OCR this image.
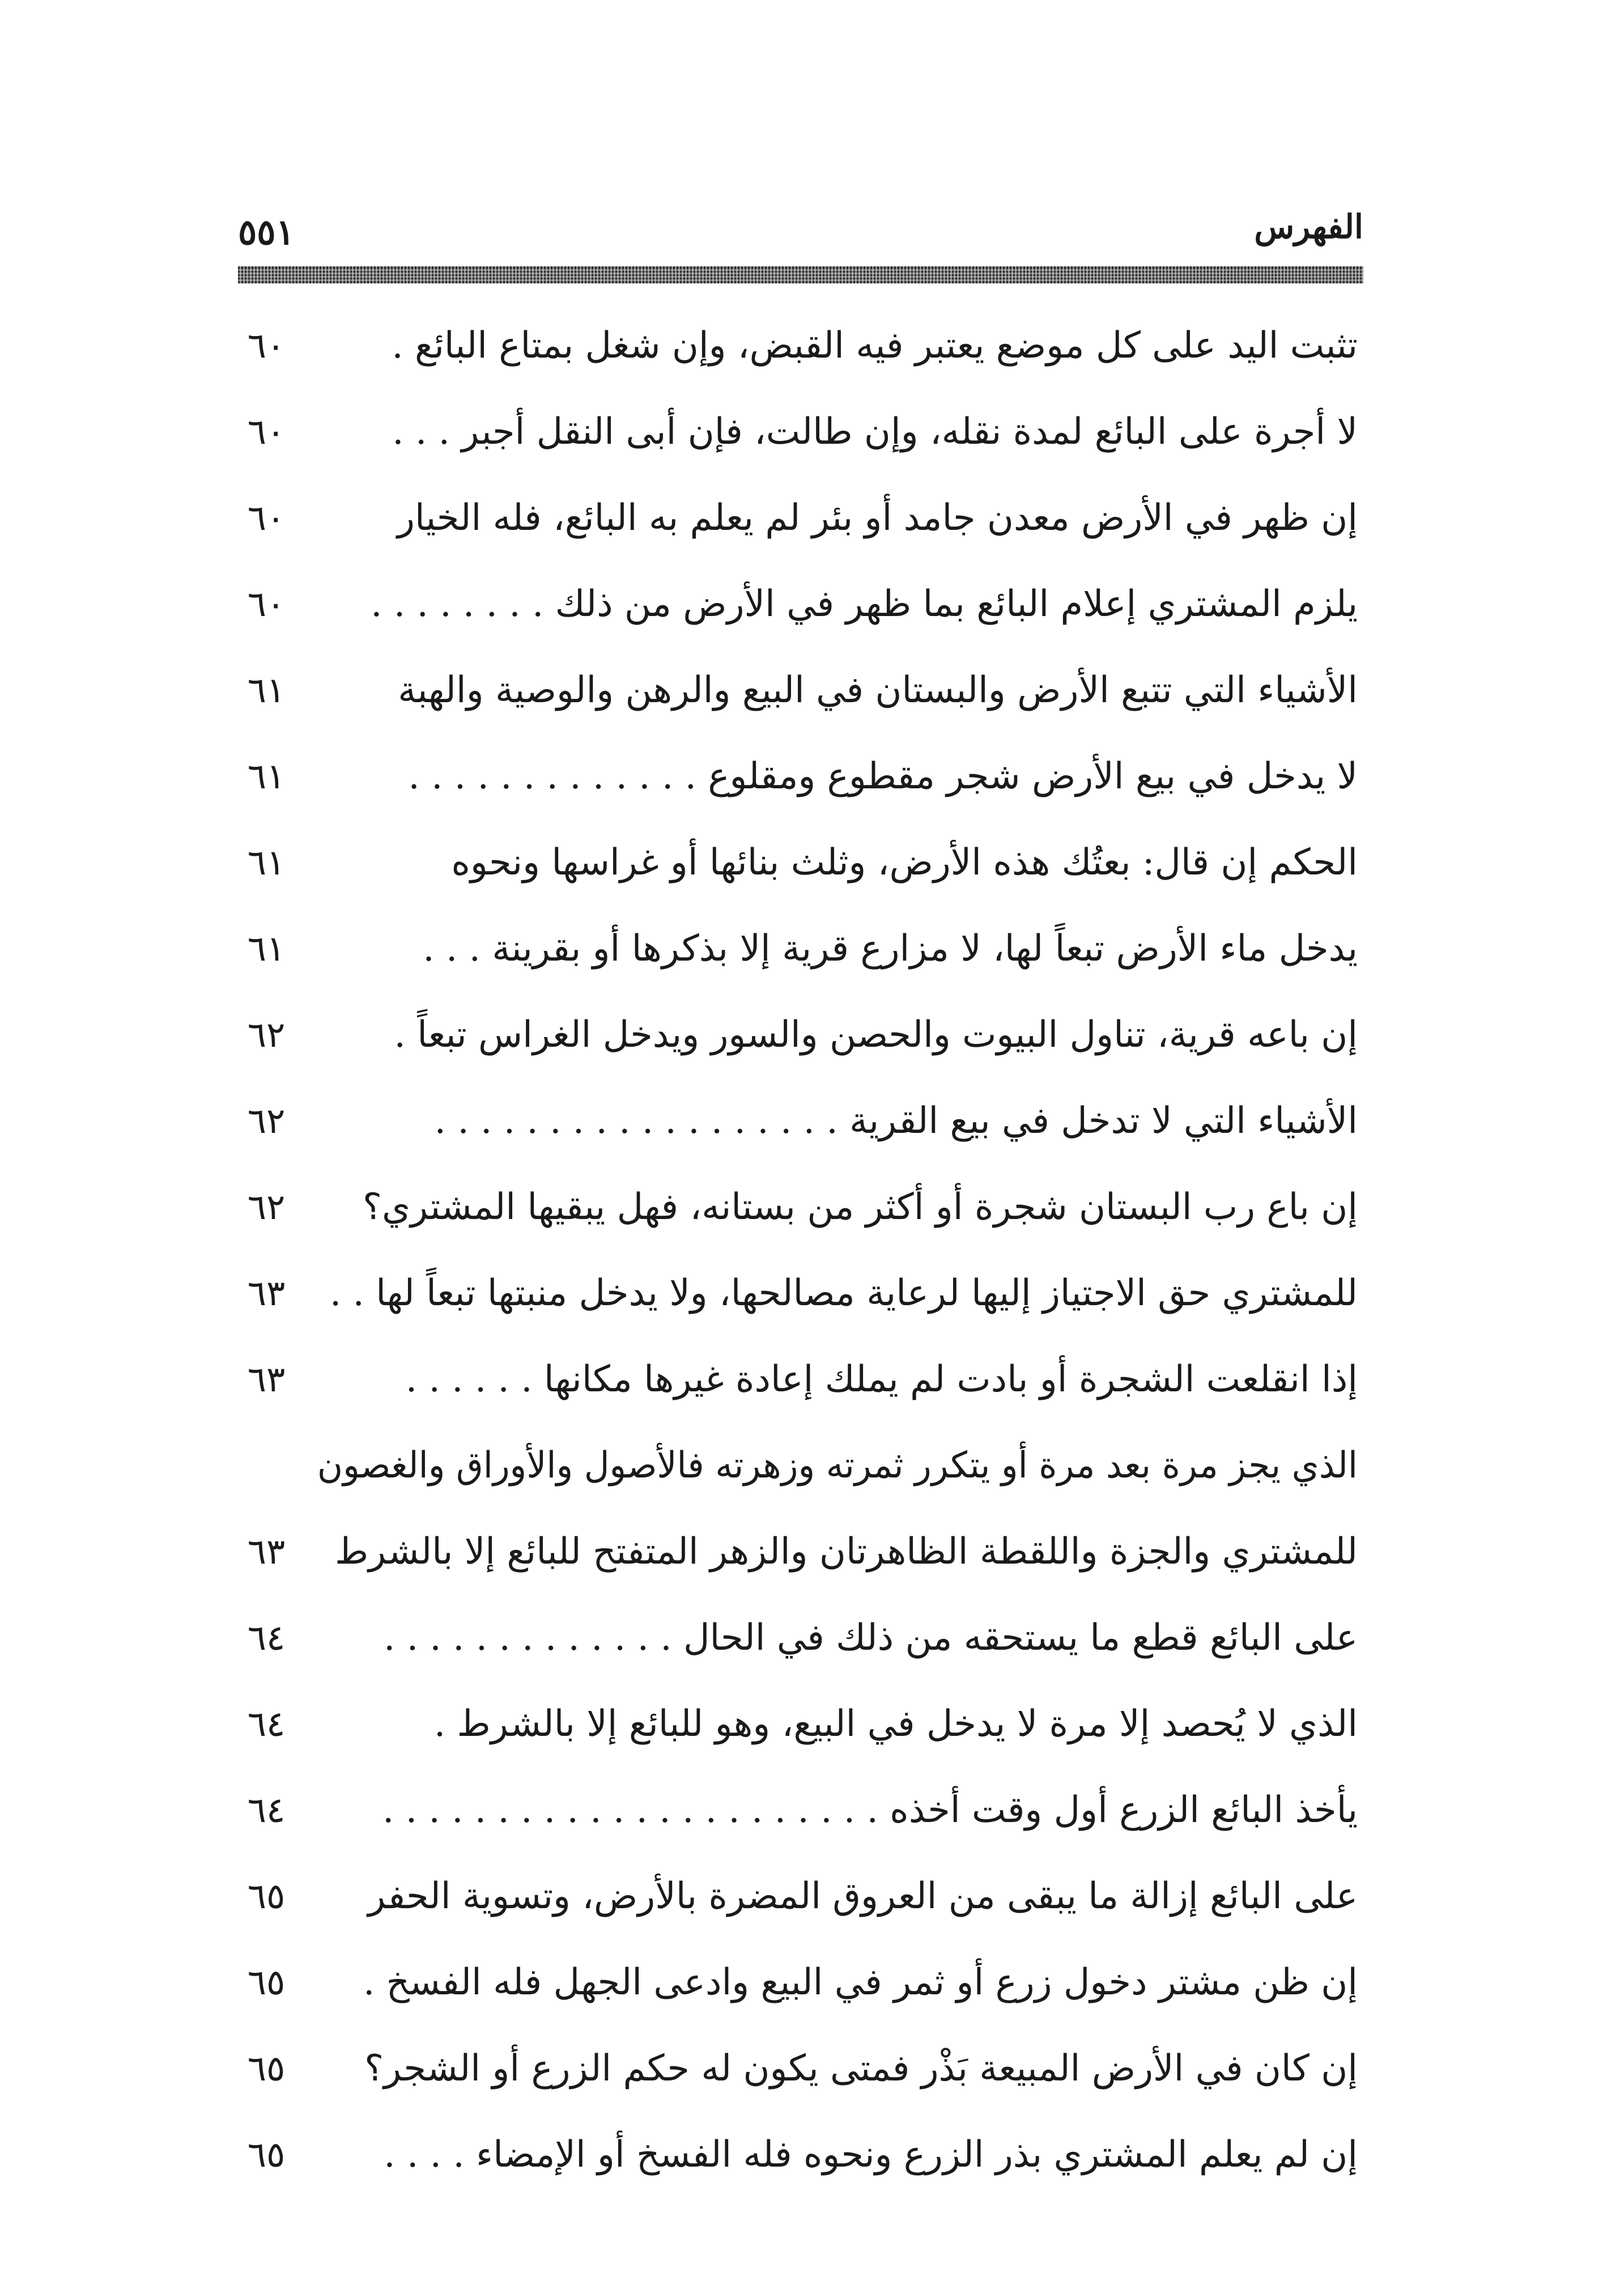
الفهرس
٥٥١
تثبت اليد على كل موضع يعتبر فيه القبض، وإن شغل بمتاع البائع .
٦٠
لا أجرة على البائع لمدة نقله، وإن طالت، فإن أبى النقل أجبر . . .
٦٠
إن ظهر في الأرض معدن جامد أو بئر لم يعلم به البائع، فله الخيار
٦٠
يلزم المشتري إعلام البائع بما ظهر في الأرض من ذلك . . . . . . . .
٦٠
الأشياء التي تتبع الأرض والبستان في البيع والرهن والوصية والهبة
٦١
لا يدخل في بيع الأرض شجر مقطوع ومقلوع . . . . . . . . . . . . .
٦١
الحكم إن قال: بعتُك هذه الأرض، وثلث بنائها أو غراسها ونحوه
٦١
يدخل ماء الأرض تبعاً لها، لا مزارع قرية إلا بذكرها أو بقرينة . . .
٦١
إن باعه قرية، تناول البيوت والحصن والسور ويدخل الغراس تبعاً .
٦٢
الأشياء التي لا تدخل في بيع القرية . . . . . . . . . . . . . . . . . .
٦٢
إن باع رب البستان شجرة أو أكثر من بستانه، فهل يبقيها المشتري؟
٦٢
للمشتري حق الاجتياز إليها لرعاية مصالحها، ولا يدخل منبتها تبعاً لها . .
٦٣
إذا انقلعت الشجرة أو بادت لم يملك إعادة غيرها مكانها . . . . . .
٦٣
الذي يجز مرة بعد مرة أو يتكرر ثمرته وزهرته فالأصول والأوراق والغصون
للمشتري والجزة واللقطة الظاهرتان والزهر المتفتح للبائع إلا بالشرط
٦٣
على البائع قطع ما يستحقه من ذلك في الحال . . . . . . . . . . . . .
٦٤
الذي لا يُحصد إلا مرة لا يدخل في البيع، وهو للبائع إلا بالشرط .
٦٤
يأخذ البائع الزرع أول وقت أخذه . . . . . . . . . . . . . . . . . . . . . .
٦٤
على البائع إزالة ما يبقى من العروق المضرة بالأرض، وتسوية الحفر
٦٥
إن ظن مشتر دخول زرع أو ثمر في البيع وادعى الجهل فله الفسخ .
٦٥
إن كان في الأرض المبيعة بَذْر فمتى يكون له حكم الزرع أو الشجر؟
٦٥
إن لم يعلم المشتري بذر الزرع ونحوه فله الفسخ أو الإمضاء . . . .
٦٥
